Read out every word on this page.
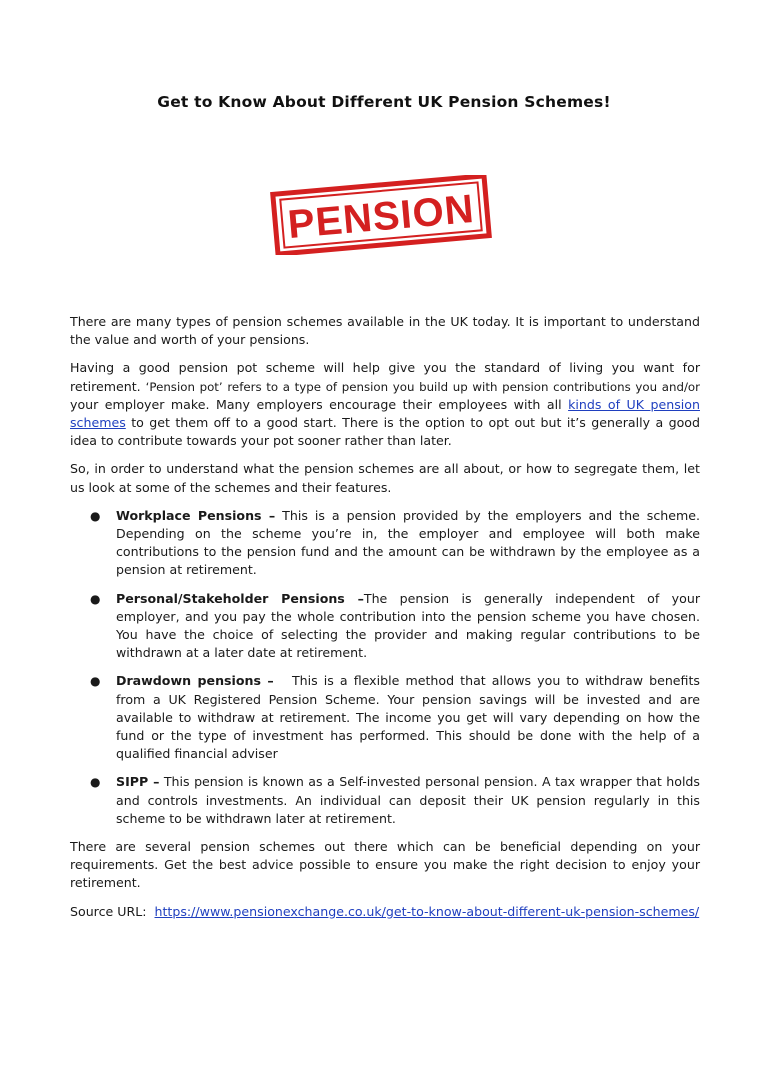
Get to Know About Different UK Pension Schemes!
PENSION

There are many types of pension schemes available in the UK today. It is important to understand the value and worth of your pensions.

Having a good pension pot scheme will help give you the standard of living you want for retirement. ‘Pension pot’ refers to a type of pension you build up with pension contributions you and/or your employer make. Many employers encourage their employees with all kinds of UK pension schemes to get them off to a good start. There is the option to opt out but it’s generally a good idea to contribute towards your pot sooner rather than later.

So, in order to understand what the pension schemes are all about, or how to segregate them, let us look at some of the schemes and their features.

● Workplace Pensions – This is a pension provided by the employers and the scheme. Depending on the scheme you’re in, the employer and employee will both make contributions to the pension fund and the amount can be withdrawn by the employee as a pension at retirement.
● Personal/Stakeholder Pensions –The pension is generally independent of your employer, and you pay the whole contribution into the pension scheme you have chosen. You have the choice of selecting the provider and making regular contributions to be withdrawn at a later date at retirement.
● Drawdown pensions – This is a flexible method that allows you to withdraw benefits from a UK Registered Pension Scheme. Your pension savings will be invested and are available to withdraw at retirement. The income you get will vary depending on how the fund or the type of investment has performed. This should be done with the help of a qualified financial adviser
● SIPP – This pension is known as a Self-invested personal pension. A tax wrapper that holds and controls investments. An individual can deposit their UK pension regularly in this scheme to be withdrawn later at retirement.

There are several pension schemes out there which can be beneficial depending on your requirements. Get the best advice possible to ensure you make the right decision to enjoy your retirement.

Source URL: https://www.pensionexchange.co.uk/get-to-know-about-different-uk-pension-schemes/
